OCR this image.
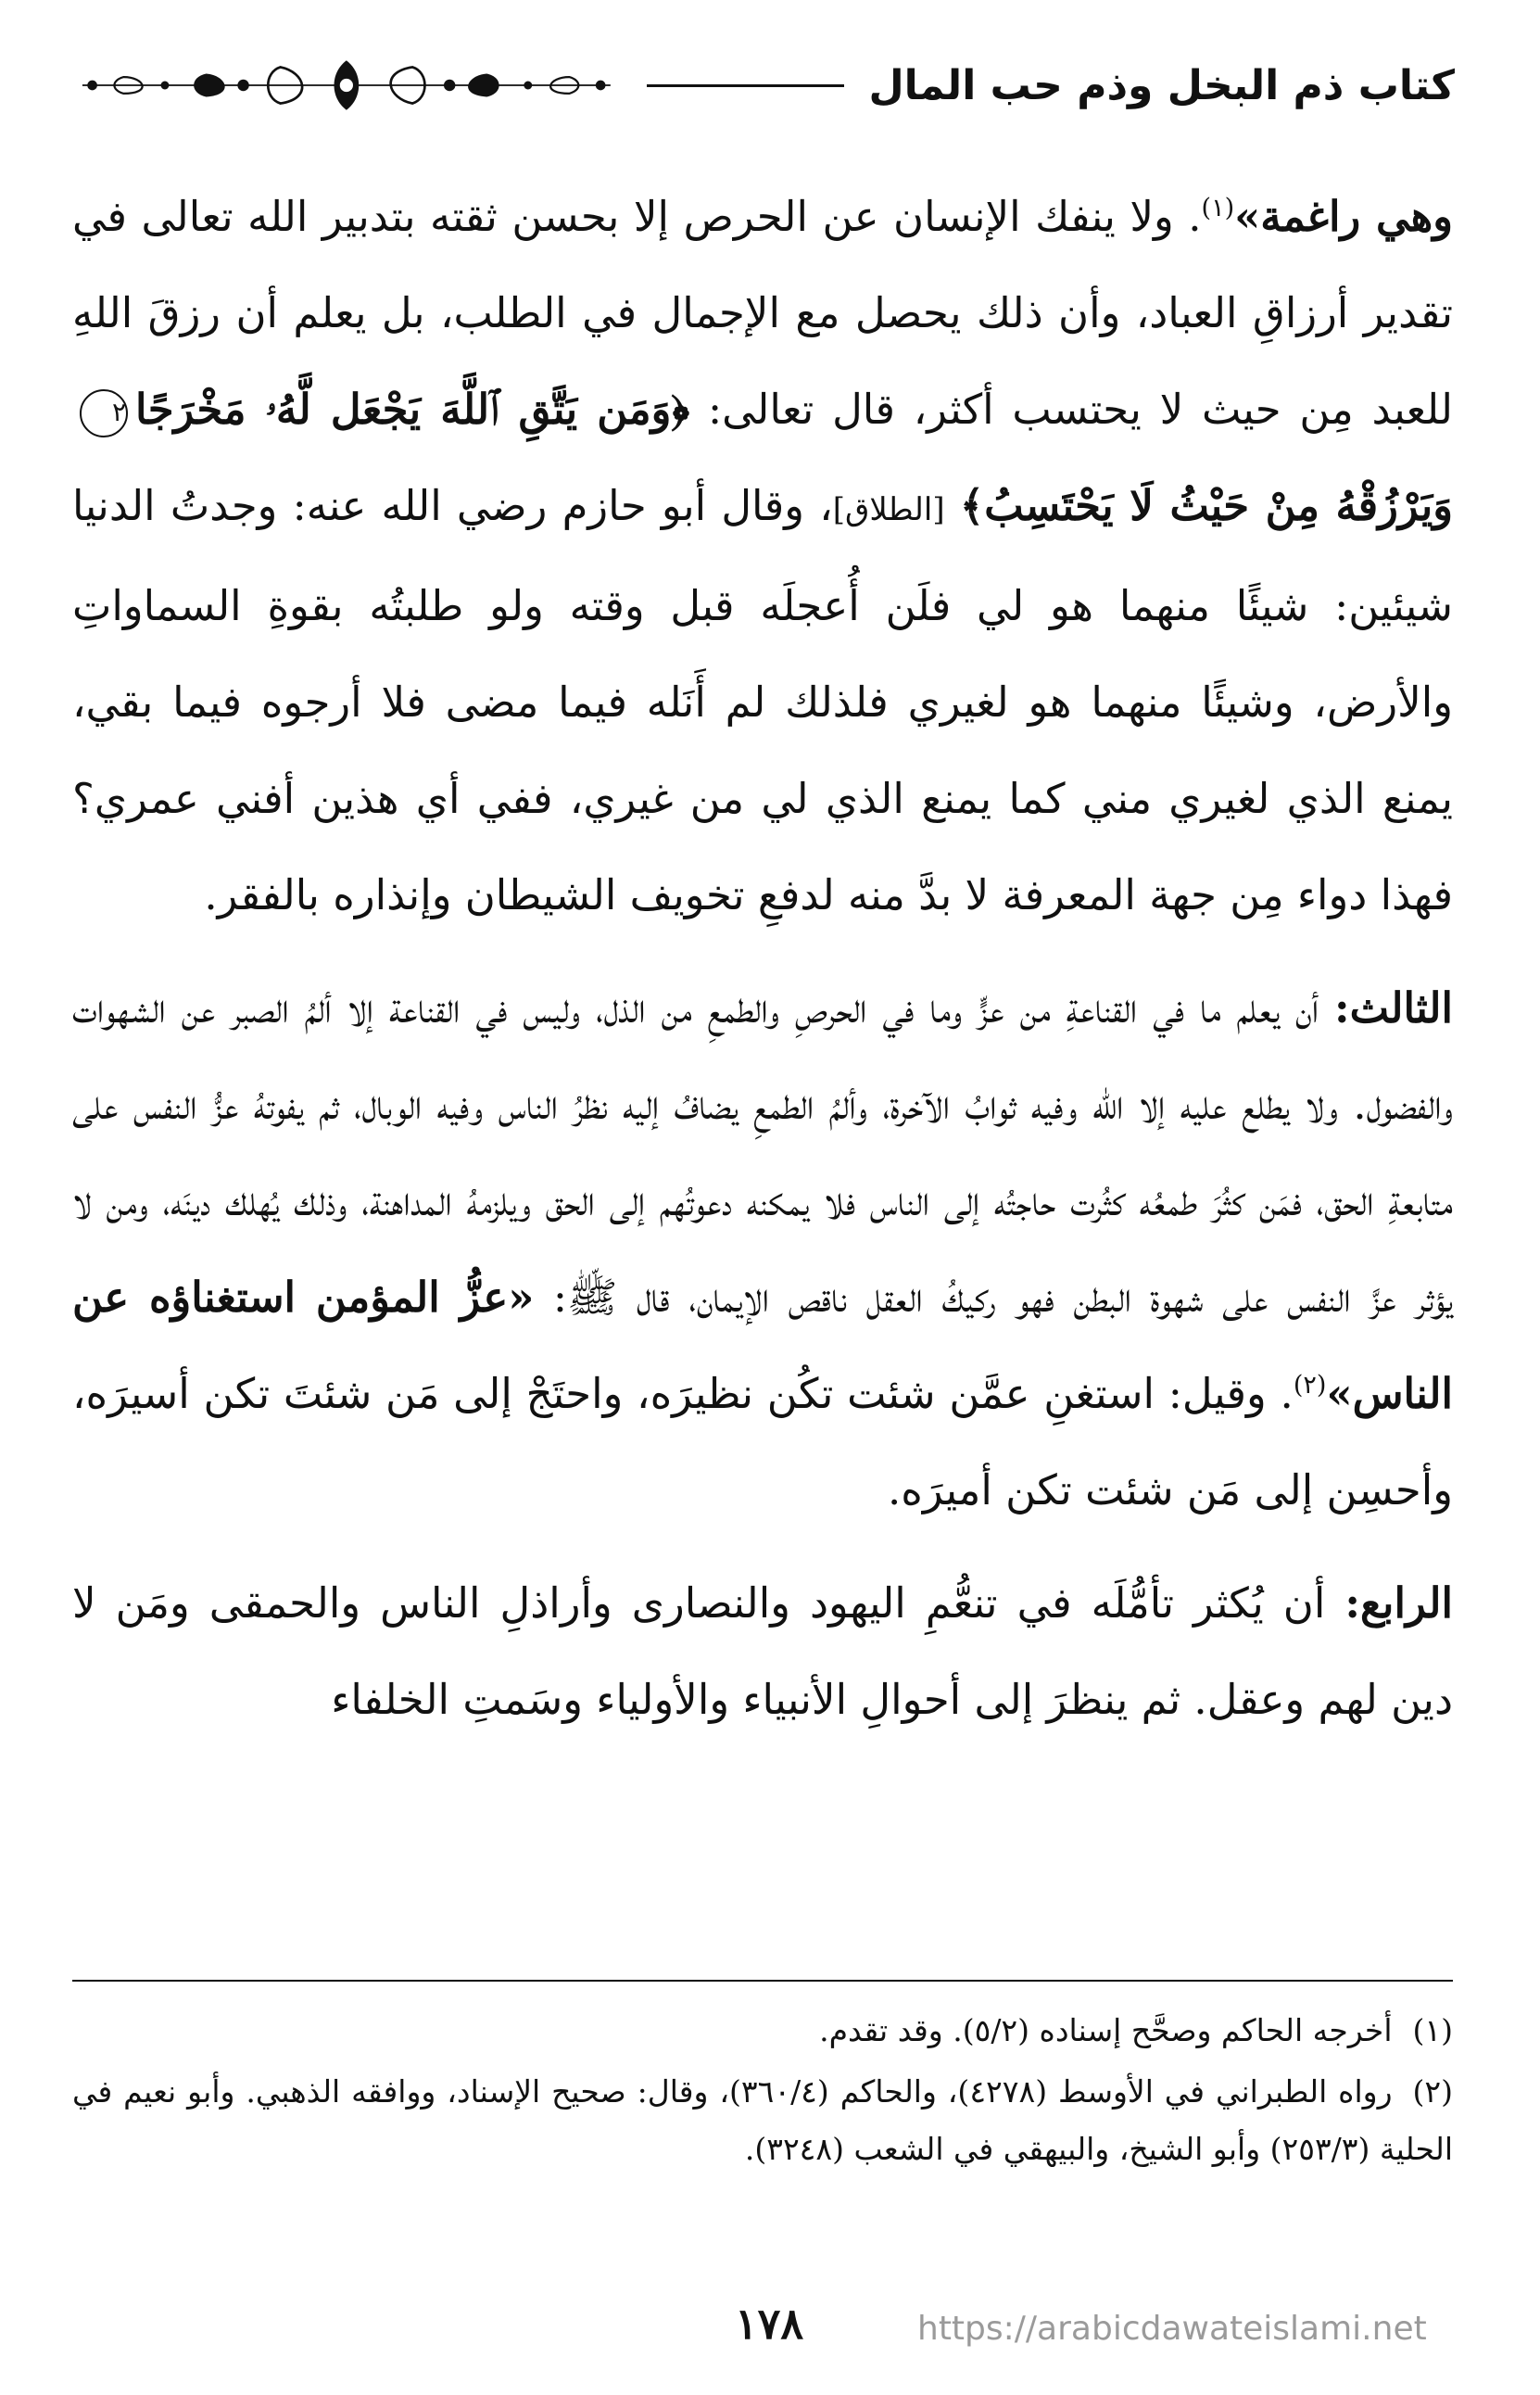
كتاب ذم البخل وذم حب المال

وهي راغمة»$^{(١)}$. ولا ينفك الإنسان عن الحرص إلا بحسن ثقته بتدبير الله تعالى في تقدير أرزاقِ العباد، وأن ذلك يحصل مع الإجمال في الطلب، بل يعلم أن رزقَ اللهِ للعبد مِن حيث لا يحتسب أكثر، قال تعالى: ﴿وَمَن يَتَّقِ ٱللَّهَ يَجْعَل لَّهُۥ مَخْرَجًا٢وَيَرْزُقْهُ مِنْ حَيْثُ لَا يَحْتَسِبُ﴾ [الطلاق]، وقال أبو حازم رضي الله عنه: وجدتُ الدنيا شيئين: شيئًا منهما هو لي فلَن أُعجلَه قبل وقته ولو طلبتُه بقوةِ السماواتِ والأرض، وشيئًا منهما هو لغيري فلذلك لم أَنَله فيما مضى فلا أرجوه فيما بقي، يمنع الذي لغيري مني كما يمنع الذي لي من غيري، ففي أي هذين أفني عمري؟ فهذا دواء مِن جهة المعرفة لا بدَّ منه لدفعِ تخويف الشيطان وإنذاره بالفقر.

الثالث: أن يعلم ما في القناعةِ من عزٍّ وما في الحرصِ والطمعِ من الذل، وليس في القناعة إلا ألمُ الصبر عن الشهوات والفضول. ولا يطلع عليه إلا الله وفيه ثوابُ الآخرة، وألمُ الطمعِ يضافُ إليه نظرُ الناس وفيه الوبال، ثم يفوتهُ عزُّ النفس على متابعةِ الحق، فمَن كثُرَ طمعُه كثُرت حاجتُه إلى الناس فلا يمكنه دعوتُهم إلى الحق ويلزمهُ المداهنة، وذلك يُهلك دينَه، ومن لا يؤثر عزَّ النفس على شهوة البطن فهو ركيكُ العقل ناقص الإيمان، قال ﷺ: «عزُّ المؤمن استغناؤه عن الناس»$^{(٢)}$. وقيل: استغنِ عمَّن شئت تكُن نظيرَه، واحتَجْ إلى مَن شئتَ تكن أسيرَه، وأحسِن إلى مَن شئت تكن أميرَه.

الرابع: أن يُكثر تأمُّلَه في تنعُّمِ اليهود والنصارى وأراذلِ الناس والحمقى ومَن لا دين لهم وعقل. ثم ينظرَ إلى أحوالِ الأنبياء والأولياء وسَمتِ الخلفاء

(١)أخرجه الحاكم وصحَّح إسناده (٥/٢). وقد تقدم.

(٢)رواه الطبراني في الأوسط (٤٢٧٨)، والحاكم (٣٦٠/٤)، وقال: صحيح الإسناد، ووافقه الذهبي. وأبو نعيم في الحلية (٢٥٣/٣) وأبو الشيخ، والبيهقي في الشعب (٣٢٤٨).

١٧٨	https://arabicdawateislami.net
